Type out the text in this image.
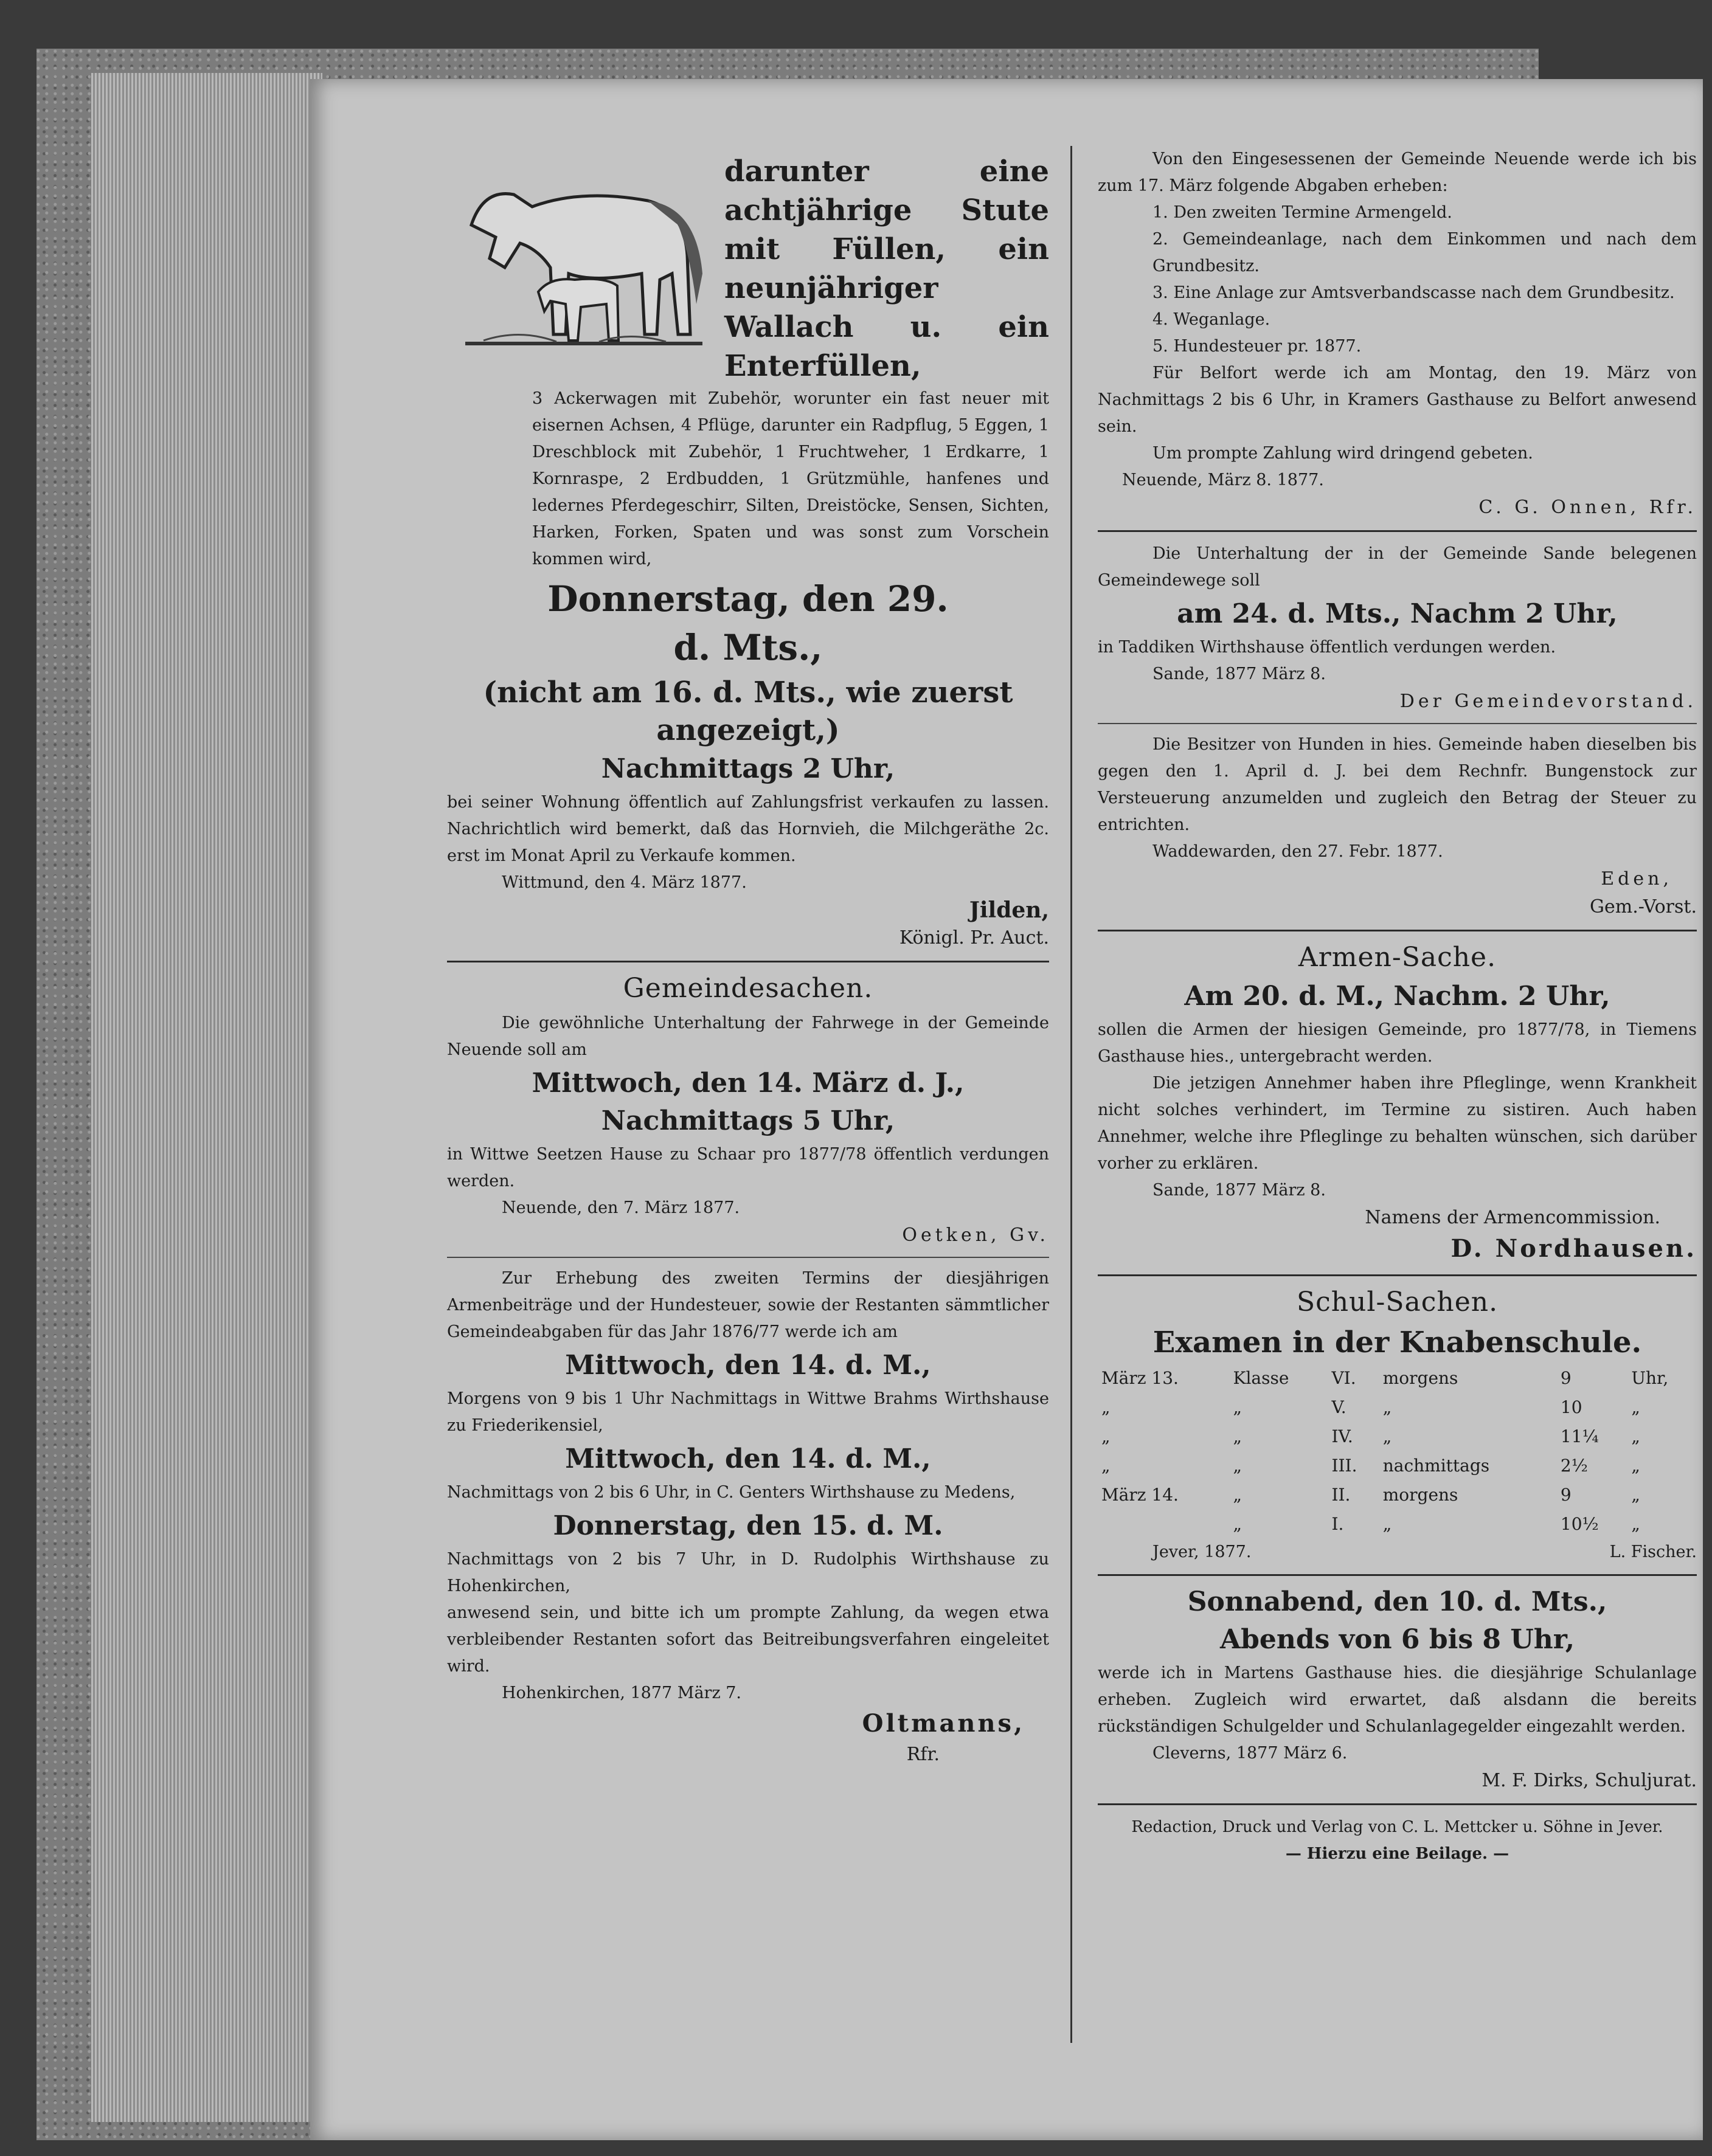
darunter eine achtjährige Stute mit Füllen, ein neunjähriger Wallach u. ein Enterfüllen,

3 Ackerwagen mit Zubehör, worunter ein fast neuer mit eisernen Achsen, 4 Pflüge, darunter ein Radpflug, 5 Eggen, 1 Dreschblock mit Zubehör, 1 Fruchtweher, 1 Erdkarre, 1 Kornraspe, 2 Erdbudden, 1 Grützmühle, hanfenes und ledernes Pferdegeschirr, Silten, Dreistöcke, Sensen, Sichten, Harken, Forken, Spaten und was sonst zum Vorschein kommen wird,

Donnerstag, den 29.
d. Mts.,
(nicht am 16. d. Mts., wie zuerst angezeigt,)
Nachmittags 2 Uhr,

bei seiner Wohnung öffentlich auf Zahlungsfrist verkaufen zu lassen. Nachrichtlich wird bemerkt, daß das Hornvieh, die Milchgeräthe 2c. erst im Monat April zu Verkaufe kommen.

Wittmund, den 4. März 1877.

Jilden,

Königl. Pr. Auct.

Gemeindesachen.

Die gewöhnliche Unterhaltung der Fahrwege in der Gemeinde Neuende soll am

Mittwoch, den 14. März d. J.,
Nachmittags 5 Uhr,

in Wittwe Seetzen Hause zu Schaar pro 1877/78 öffentlich verdungen werden.

Neuende, den 7. März 1877.

Oetken, Gv.

Zur Erhebung des zweiten Termins der diesjährigen Armenbeiträge und der Hundesteuer, sowie der Restanten sämmtlicher Gemeindeabgaben für das Jahr 1876/77 werde ich am

Mittwoch, den 14. d. M.,

Morgens von 9 bis 1 Uhr Nachmittags in Wittwe Brahms Wirthshause zu Friederikensiel,

Mittwoch, den 14. d. M.,

Nachmittags von 2 bis 6 Uhr, in C. Genters Wirthshause zu Medens,

Donnerstag, den 15. d. M.

Nachmittags von 2 bis 7 Uhr, in D. Rudolphis Wirthshause zu Hohenkirchen,

anwesend sein, und bitte ich um prompte Zahlung, da wegen etwa verbleibender Restanten sofort das Beitreibungsverfahren eingeleitet wird.

Hohenkirchen, 1877 März 7.

Oltmanns,

Rfr.

Von den Eingesessenen der Gemeinde Neuende werde ich bis zum 17. März folgende Abgaben erheben:

1. Den zweiten Termine Armengeld.

2. Gemeindeanlage, nach dem Einkommen und nach dem Grundbesitz.

3. Eine Anlage zur Amtsverbandscasse nach dem Grundbesitz.

4. Weganlage.

5. Hundesteuer pr. 1877.

Für Belfort werde ich am Montag, den 19. März von Nachmittags 2 bis 6 Uhr, in Kramers Gasthause zu Belfort anwesend sein.

Um prompte Zahlung wird dringend gebeten.

Neuende, März 8. 1877.

C. G. Onnen, Rfr.

Die Unterhaltung der in der Gemeinde Sande belegenen Gemeindewege soll

am 24. d. Mts., Nachm 2 Uhr,

in Taddiken Wirthshause öffentlich verdungen werden.

Sande, 1877 März 8.

Der Gemeindevorstand.

Die Besitzer von Hunden in hies. Gemeinde haben dieselben bis gegen den 1. April d. J. bei dem Rechnfr. Bungenstock zur Versteuerung anzumelden und zugleich den Betrag der Steuer zu entrichten.

Waddewarden, den 27. Febr. 1877.

Eden,

Gem.-Vorst.

Armen-Sache.
Am 20. d. M., Nachm. 2 Uhr,

sollen die Armen der hiesigen Gemeinde, pro 1877/78, in Tiemens Gasthause hies., untergebracht werden.

Die jetzigen Annehmer haben ihre Pfleglinge, wenn Krankheit nicht solches verhindert, im Termine zu sistiren. Auch haben Annehmer, welche ihre Pfleglinge zu behalten wünschen, sich darüber vorher zu erklären.

Sande, 1877 März 8.

Namens der Armencommission.

D. Nordhausen.

Schul-Sachen.
Examen in der Knabenschule.
März 13.	Klasse	VI.	morgens	9	Uhr,
„	„	V.	„	10	„
„	„	IV.	„	11¼	„
„	„	III.	nachmittags	2½	„
März 14.	„	II.	morgens	9	„
	„	I.	„	10½	„
Jever, 1877.	L. Fischer.
Sonnabend, den 10. d. Mts.,
Abends von 6 bis 8 Uhr,

werde ich in Martens Gasthause hies. die diesjährige Schulanlage erheben. Zugleich wird erwartet, daß alsdann die bereits rückständigen Schulgelder und Schulanlagegelder eingezahlt werden.

Cleverns, 1877 März 6.

M. F. Dirks, Schuljurat.

Redaction, Druck und Verlag von C. L. Mettcker u. Söhne in Jever.

— Hierzu eine Beilage. —
